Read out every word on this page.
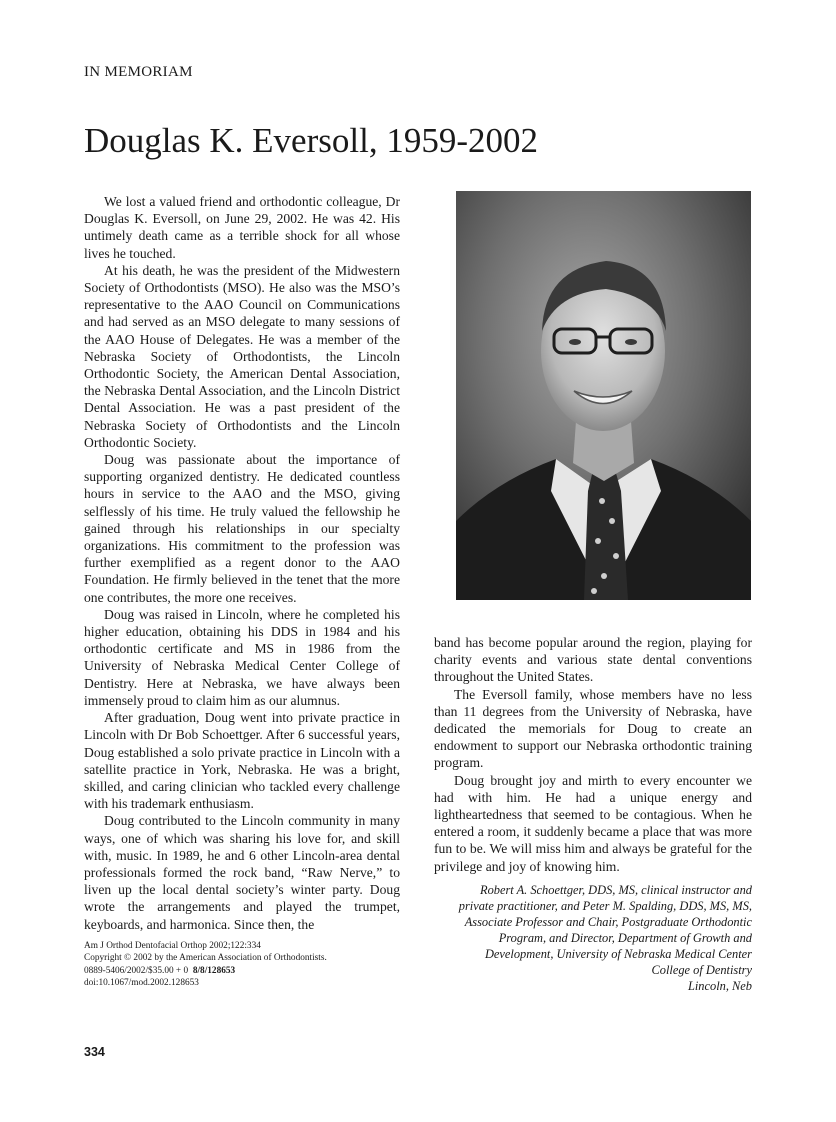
IN MEMORIAM
Douglas K. Eversoll, 1959-2002

We lost a valued friend and orthodontic colleague, Dr Douglas K. Eversoll, on June 29, 2002. He was 42. His untimely death came as a terrible shock for all whose lives he touched.

At his death, he was the president of the Midwestern Society of Orthodontists (MSO). He also was the MSO’s representative to the AAO Council on Communications and had served as an MSO delegate to many sessions of the AAO House of Delegates. He was a member of the Nebraska Society of Orthodontists, the Lincoln Orthodontic Society, the American Dental Association, the Nebraska Dental Association, and the Lincoln District Dental Association. He was a past president of the Nebraska Society of Orthodontists and the Lincoln Orthodontic Society.

Doug was passionate about the importance of supporting organized dentistry. He dedicated countless hours in service to the AAO and the MSO, giving selflessly of his time. He truly valued the fellowship he gained through his relationships in our specialty organizations. His commitment to the profession was further exemplified as a regent donor to the AAO Foundation. He firmly believed in the tenet that the more one contributes, the more one receives.

Doug was raised in Lincoln, where he completed his higher education, obtaining his DDS in 1984 and his orthodontic certificate and MS in 1986 from the University of Nebraska Medical Center College of Dentistry. Here at Nebraska, we have always been immensely proud to claim him as our alumnus.

After graduation, Doug went into private practice in Lincoln with Dr Bob Schoettger. After 6 successful years, Doug established a solo private practice in Lincoln with a satellite practice in York, Nebraska. He was a bright, skilled, and caring clinician who tackled every challenge with his trademark enthusiasm.

Doug contributed to the Lincoln community in many ways, one of which was sharing his love for, and skill with, music. In 1989, he and 6 other Lincoln-area dental professionals formed the rock band, “Raw Nerve,” to liven up the local dental society’s winter party. Doug wrote the arrangements and played the trumpet, keyboards, and harmonica. Since then, the

band has become popular around the region, playing for charity events and various state dental conventions throughout the United States.

The Eversoll family, whose members have no less than 11 degrees from the University of Nebraska, have dedicated the memorials for Doug to create an endowment to support our Nebraska orthodontic training program.

Doug brought joy and mirth to every encounter we had with him. He had a unique energy and lightheartedness that seemed to be contagious. When he entered a room, it suddenly became a place that was more fun to be. We will miss him and always be grateful for the privilege and joy of knowing him.

Robert A. Schoettger, DDS, MS, clinical instructor and
private practitioner, and Peter M. Spalding, DDS, MS, MS,
Associate Professor and Chair, Postgraduate Orthodontic
Program, and Director, Department of Growth and
Development, University of Nebraska Medical Center
College of Dentistry
Lincoln, Neb
Am J Orthod Dentofacial Orthop 2002;122:334
Copyright © 2002 by the American Association of Orthodontists.
0889-5406/2002/$35.00 + 0 8/8/128653
doi:10.1067/mod.2002.128653
334
